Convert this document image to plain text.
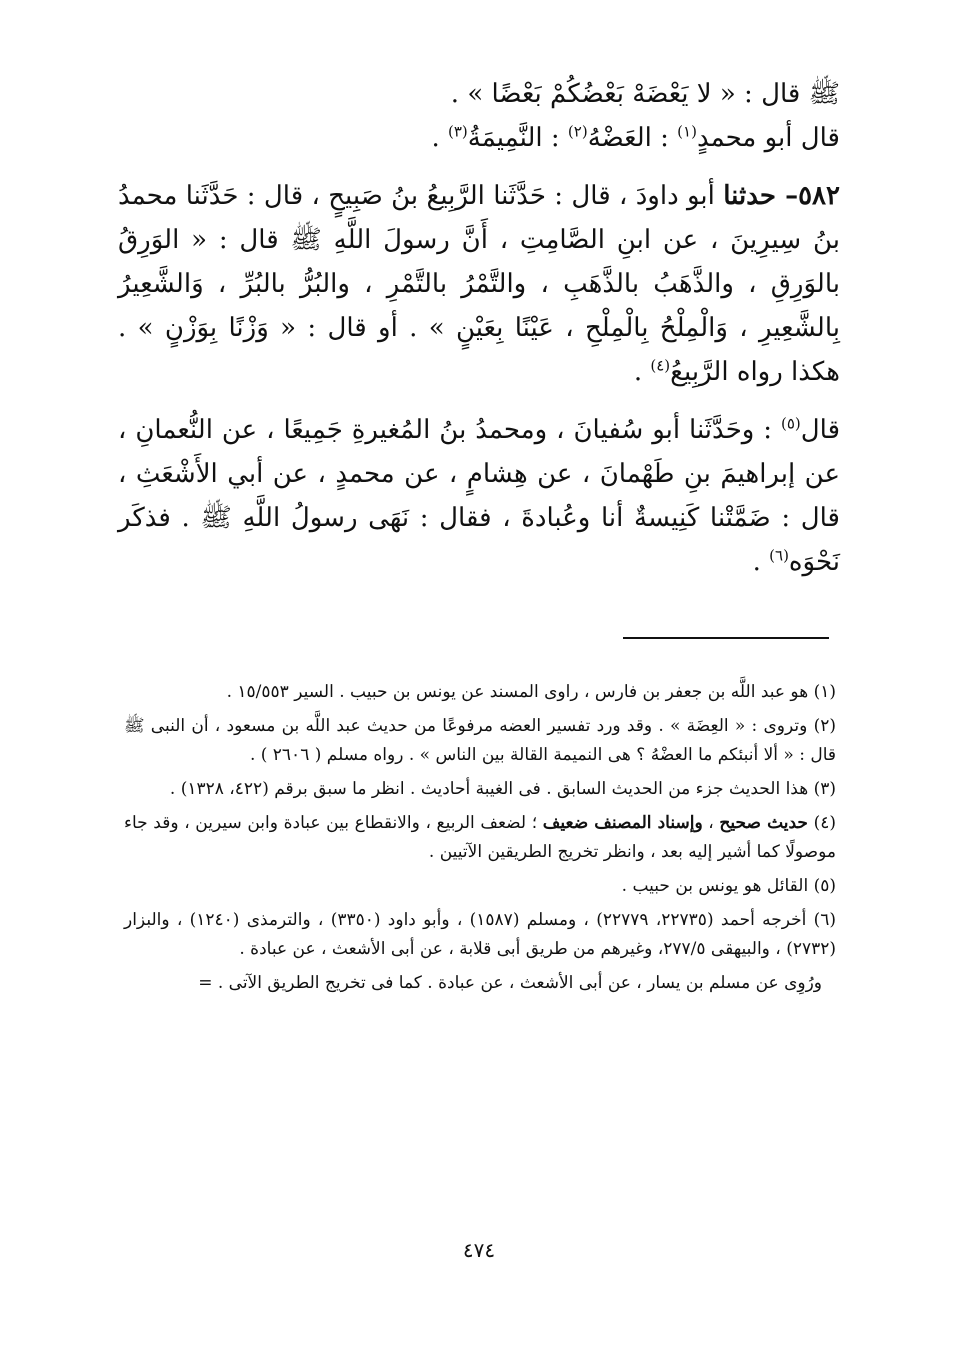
ﷺ قال : « لا يَعْضَهْ بَعْضُكُمْ بَعْضًا » .

قال أبو محمدٍ$^{(١)}$ : العَضْهُ$^{(٢)}$ : النَّمِيمَةُ$^{(٣)}$ .

٥٨٢– حدثنا أبو داودَ ، قال : حَدَّثَنا الرَّبِيعُ بنُ صَبِيحٍ ، قال : حَدَّثَنا محمدُ بنُ سِيرِينَ ، عن ابنِ الصَّامِتِ ، أَنَّ رسولَ اللَّهِ ﷺ قال : « الوَرِقُ بالوَرِقِ ، والذَّهَبُ بالذَّهَبِ ، والتَّمْرُ بالتَّمْرِ ، والبُرُّ بالبُرِّ ، وَالشَّعِيرُ بِالشَّعِيرِ ، وَالْمِلْحُ بِالْمِلْحِ ، عَيْنًا بِعَيْنٍ » . أو قال : « وَزْنًا بِوَزْنٍ » . هكذا رواه الرَّبِيعُ$^{(٤)}$ .

قال$^{(٥)}$ : وحَدَّثَنا أبو سُفيانَ ، ومحمدُ بنُ المُغيرةِ جَمِيعًا ، عن النُّعمانِ ، عن إبراهيمَ بنِ طَهْمانَ ، عن هِشامٍ ، عن محمدٍ ، عن أبي الأَشْعَثِ ، قال : ضَمَّتْنا كَنِيسةٌ أنا وعُبادةَ ، فقال : نَهَى رسولُ اللَّهِ ﷺ . فذكَر نَحْوَه$^{(٦)}$ .

(١) هو عبد اللَّه بن جعفر بن فارس ، راوى المسند عن يونس بن حبيب . السير ١٥/٥٥٣ .

(٢) وتروى : « العِضَة » . وقد ورد تفسير العضه مرفوعًا من حديث عبد اللَّه بن مسعود ، أن النبى ﷺ قال : « ألا أنبئكم ما العضْهُ ؟ هى النميمة القالة بين الناس » . رواه مسلم ( ٢٦٠٦ ) .

(٣) هذا الحديث جزء من الحديث السابق . فى الغيبة أحاديث . انظر ما سبق برقم (٤٢٢، ١٣٢٨) .

(٤) حديث صحيح ، وإسناد المصنف ضعيف ؛ لضعف الربيع ، والانقطاع بين عبادة وابن سيرين ، وقد جاء موصولًا كما أشير إليه بعد ، وانظر تخريج الطريقين الآتيين .

(٥) القائل هو يونس بن حبيب .

(٦) أخرجه أحمد (٢٢٧٣٥، ٢٢٧٧٩) ، ومسلم (١٥٨٧) ، وأبو داود (٣٣٥٠) ، والترمذى (١٢٤٠) ، والبزار (٢٧٣٢) ، والبيهقى ٢٧٧/٥، وغيرهم من طريق أبى قلابة ، عن أبى الأشعث ، عن عبادة .

ورُوِى عن مسلم بن يسار ، عن أبى الأشعث ، عن عبادة . كما فى تخريج الطريق الآتى . =

٤٧٤
